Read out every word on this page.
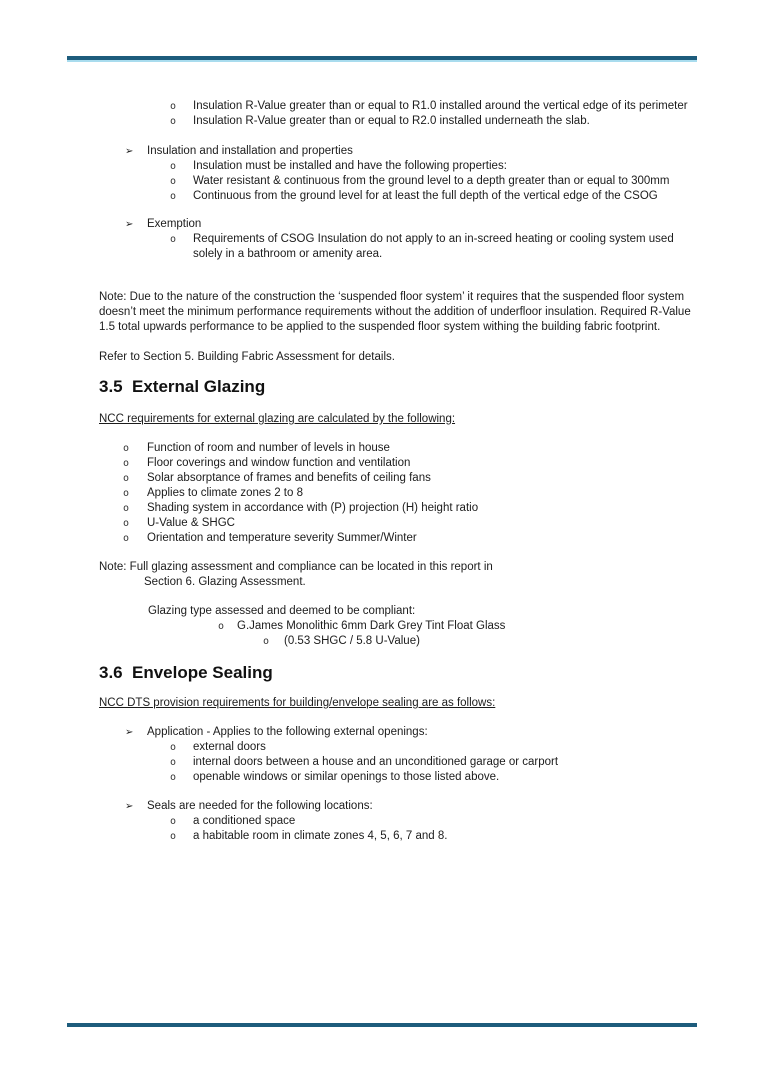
o	Insulation R-Value greater than or equal to R1.0 installed around the vertical edge of its perimeter
o	Insulation R-Value greater than or equal to R2.0 installed underneath the slab.
➢	Insulation and installation and properties
o	Insulation must be installed and have the following properties:
o	Water resistant & continuous from the ground level to a depth greater than or equal to 300mm
o	Continuous from the ground level for at least the full depth of the vertical edge of the CSOG
➢	Exemption
o	Requirements of CSOG Insulation do not apply to an in-screed heating or cooling system used solely in a bathroom or amenity area.

Note: Due to the nature of the construction the ‘suspended floor system’ it requires that the suspended floor system doesn’t meet the minimum performance requirements without the addition of underfloor insulation. Required R-Value 1.5 total upwards performance to be applied to the suspended floor system withing the building fabric footprint.

Refer to Section 5. Building Fabric Assessment for details.

3.5 External Glazing

NCC requirements for external glazing are calculated by the following:

o	Function of room and number of levels in house
o	Floor coverings and window function and ventilation
o	Solar absorptance of frames and benefits of ceiling fans
o	Applies to climate zones 2 to 8
o	Shading system in accordance with (P) projection (H) height ratio
o	U-Value & SHGC
o	Orientation and temperature severity Summer/Winter
Note: Full glazing assessment and compliance can be located in this report in
Section 6. Glazing Assessment.
Glazing type assessed and deemed to be compliant:
o	G.James Monolithic 6mm Dark Grey Tint Float Glass
o	(0.53 SHGC / 5.8 U-Value)
3.6 Envelope Sealing

NCC DTS provision requirements for building/envelope sealing are as follows:

➢	Application - Applies to the following external openings:
o	external doors
o	internal doors between a house and an unconditioned garage or carport
o	openable windows or similar openings to those listed above.
➢	Seals are needed for the following locations:
o	a conditioned space
o	a habitable room in climate zones 4, 5, 6, 7 and 8.
